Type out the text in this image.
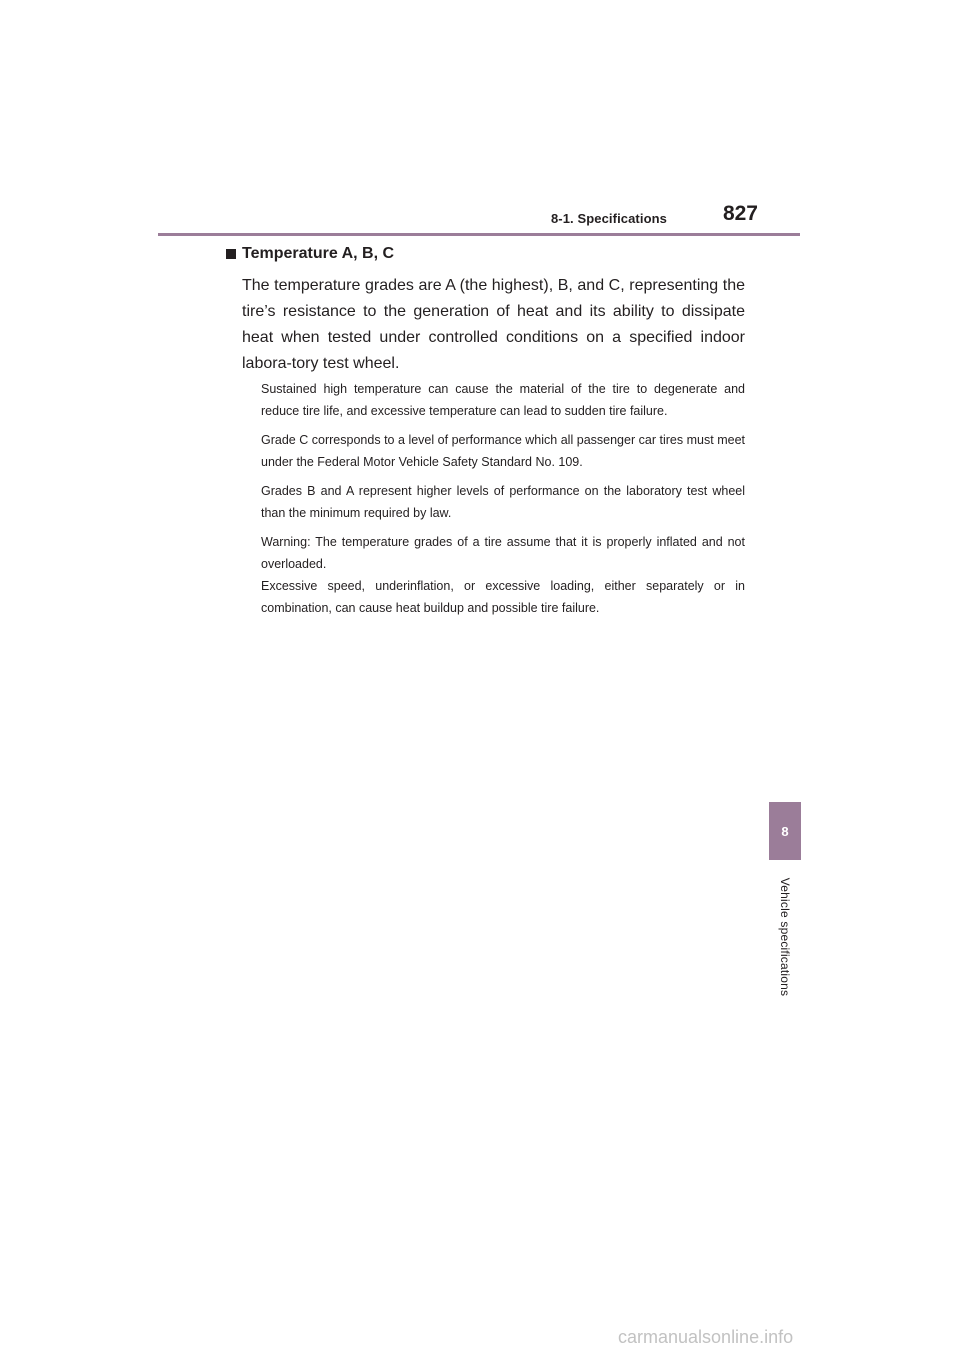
8-1. Specifications	827
Temperature A, B, C

The temperature grades are A (the highest), B, and C, representing the tire’s resistance to the generation of heat and its ability to dissipate heat when tested under controlled conditions on a specified indoor labora-tory test wheel.

Sustained high temperature can cause the material of the tire to degenerate and reduce tire life, and excessive temperature can lead to sudden tire failure.

Grade C corresponds to a level of performance which all passenger car tires must meet under the Federal Motor Vehicle Safety Standard No. 109.

Grades B and A represent higher levels of performance on the laboratory test wheel than the minimum required by law.

Warning: The temperature grades of a tire assume that it is properly inflated and not overloaded.

Excessive speed, underinflation, or excessive loading, either separately or in combination, can cause heat buildup and possible tire failure.

8
Vehicle specifications
carmanualsonline.info
